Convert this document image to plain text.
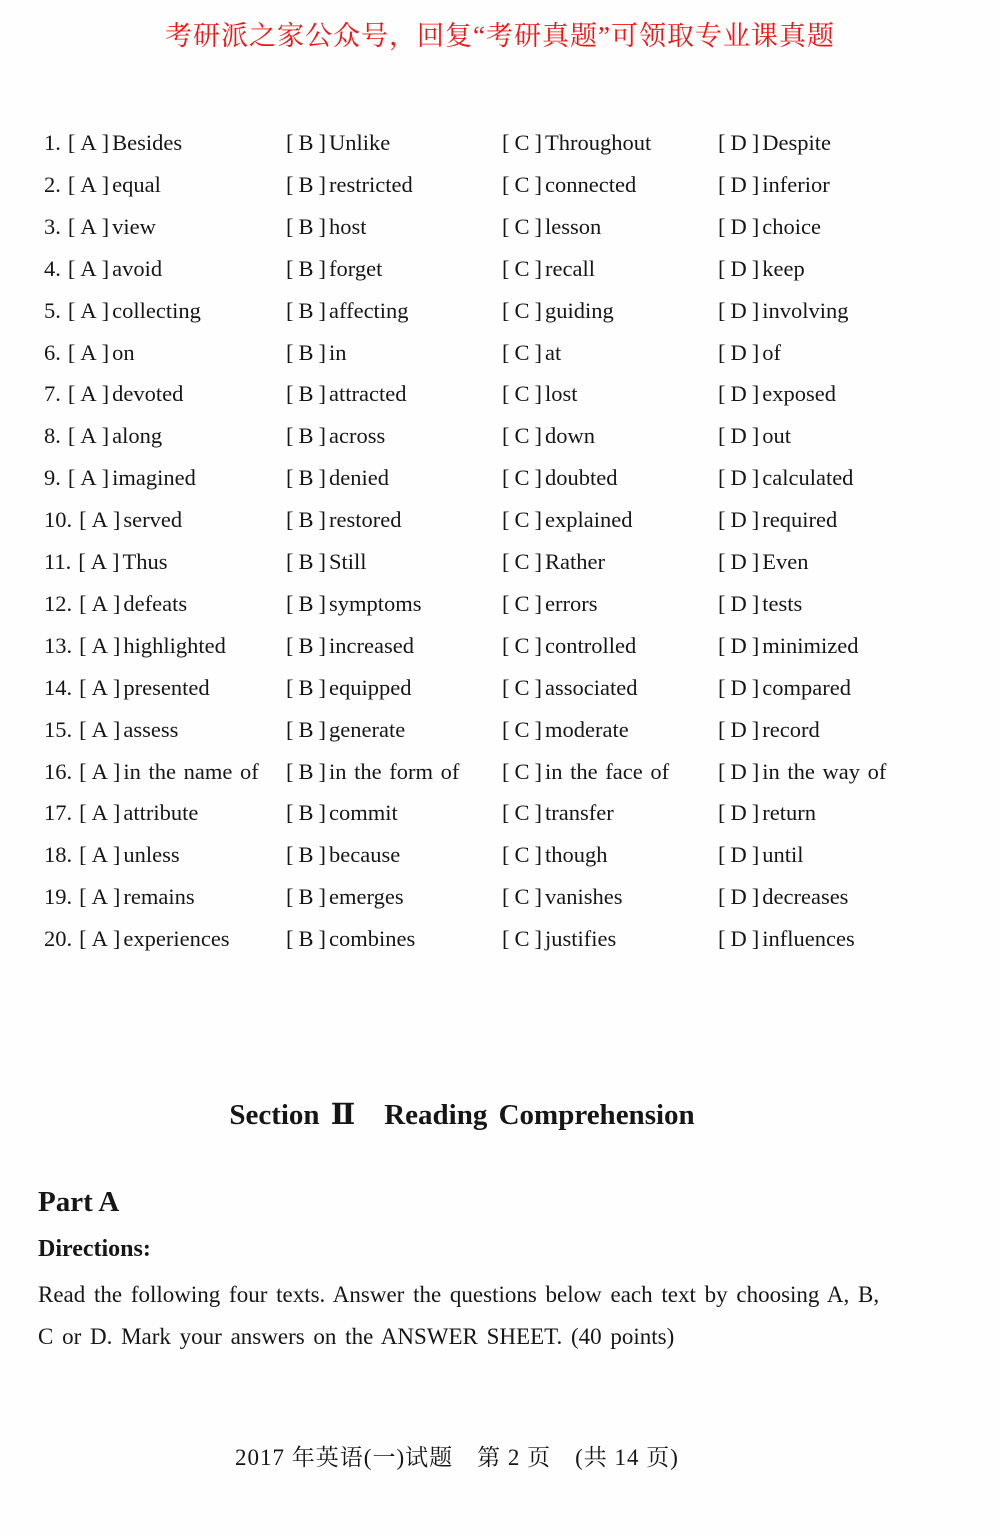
考研派之家公众号，回复“考研真题”可领取专业课真题
1. [ A ] Besides	[ B ] Unlike	[ C ] Throughout	[ D ] Despite
2. [ A ] equal	[ B ] restricted	[ C ] connected	[ D ] inferior
3. [ A ] view	[ B ] host	[ C ] lesson	[ D ] choice
4. [ A ] avoid	[ B ] forget	[ C ] recall	[ D ] keep
5. [ A ] collecting	[ B ] affecting	[ C ] guiding	[ D ] involving
6. [ A ] on	[ B ] in	[ C ] at	[ D ] of
7. [ A ] devoted	[ B ] attracted	[ C ] lost	[ D ] exposed
8. [ A ] along	[ B ] across	[ C ] down	[ D ] out
9. [ A ] imagined	[ B ] denied	[ C ] doubted	[ D ] calculated
10. [ A ] served	[ B ] restored	[ C ] explained	[ D ] required
11. [ A ] Thus	[ B ] Still	[ C ] Rather	[ D ] Even
12. [ A ] defeats	[ B ] symptoms	[ C ] errors	[ D ] tests
13. [ A ] highlighted	[ B ] increased	[ C ] controlled	[ D ] minimized
14. [ A ] presented	[ B ] equipped	[ C ] associated	[ D ] compared
15. [ A ] assess	[ B ] generate	[ C ] moderate	[ D ] record
16. [ A ] in the name of [ B ] in the form of [ C ] in the face of [ D ] in the way of
17. [ A ] attribute	[ B ] commit	[ C ] transfer	[ D ] return
18. [ A ] unless	[ B ] because	[ C ] though	[ D ] until
19. [ A ] remains	[ B ] emerges	[ C ] vanishes	[ D ] decreases
20. [ A ] experiences	[ B ] combines	[ C ] justifies	[ D ] influences
Section Ⅱ　Reading Comprehension
Part A
Directions:
Read the following four texts. Answer the questions below each text by choosing A, B,
C or D. Mark your answers on the ANSWER SHEET. (40 points)
2017 年英语(一)试题　第 2 页　(共 14 页)
